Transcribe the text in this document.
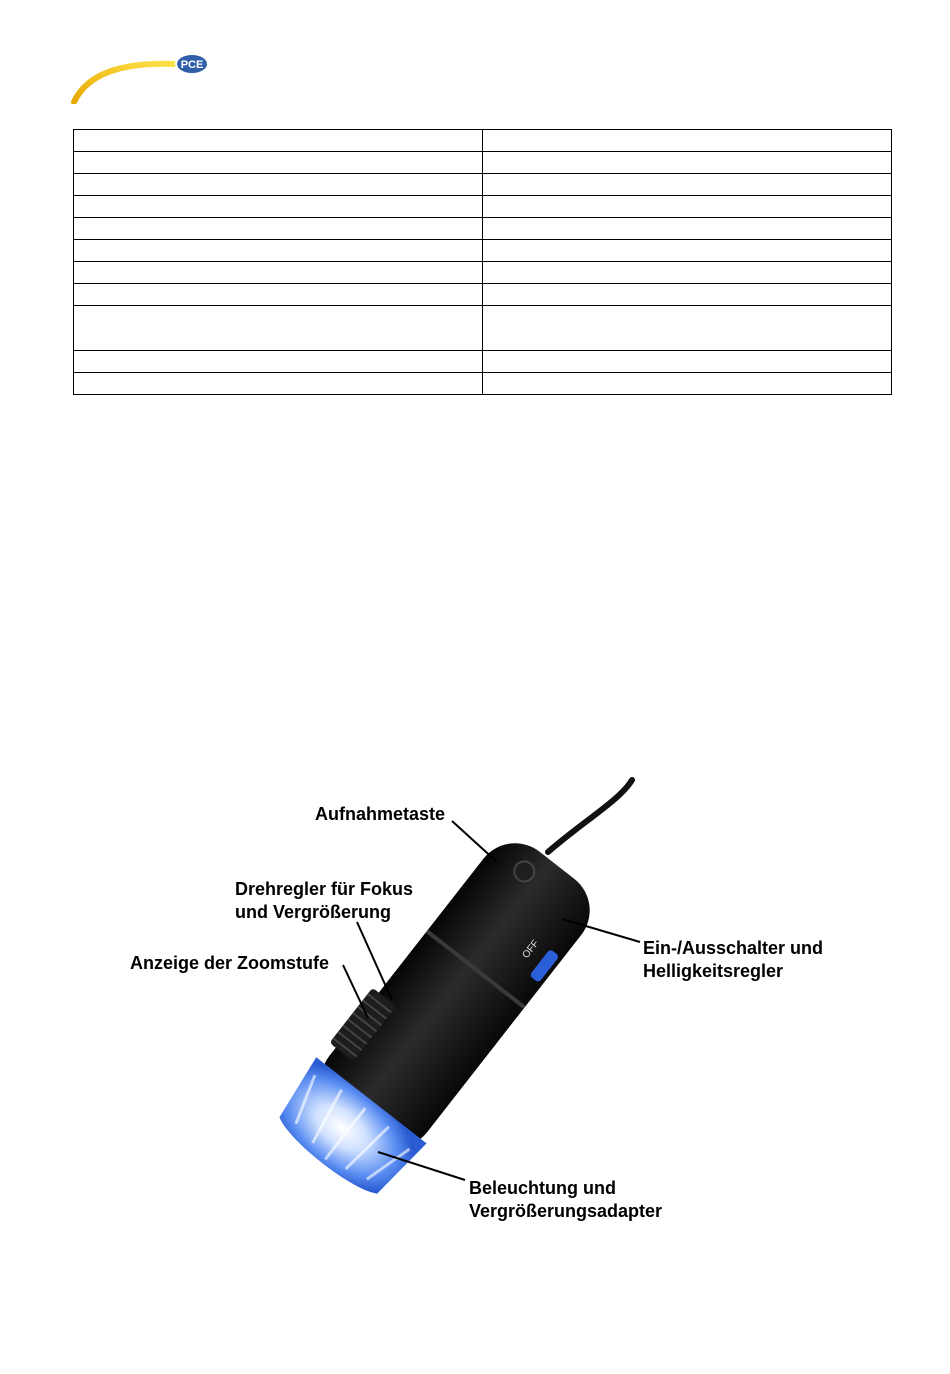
PCE

Aufnahmetaste
Drehregler für Fokus
und Vergrößerung
Anzeige der Zoomstufe
Ein-/Ausschalter und
Helligkeitsregler
Beleuchtung und
Vergrößerungsadapter
OFF
